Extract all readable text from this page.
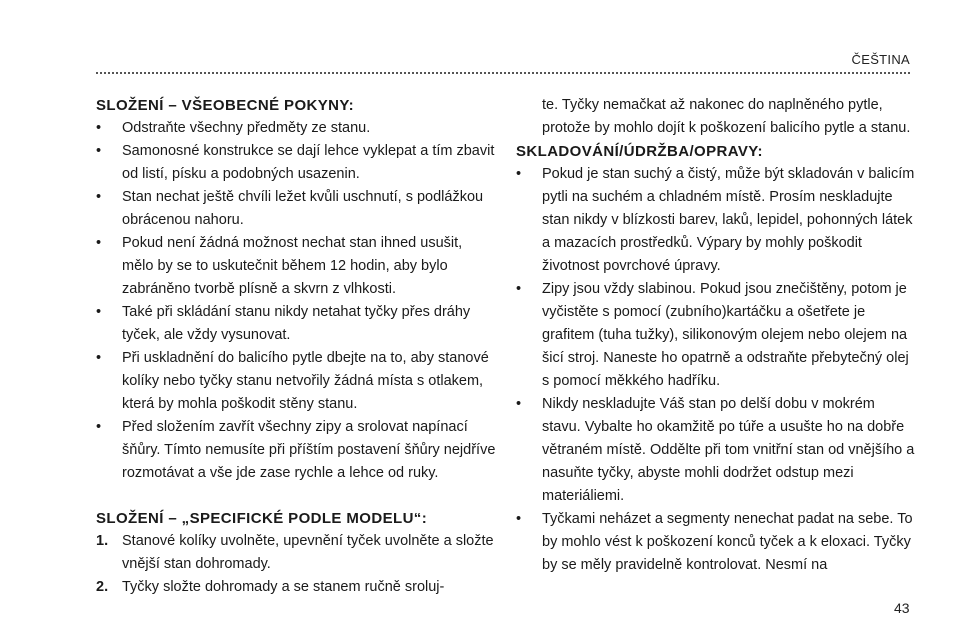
ČEŠTINA
SLOŽENÍ – VŠEOBECNÉ POKYNY:
• Odstraňte všechny předměty ze stanu.
• Samonosné konstrukce se dají lehce vyklepat a tím zbavit od listí, písku a podobných usazenin.
• Stan nechat ještě chvíli ležet kvůli uschnutí, s podlážkou obrácenou nahoru.
• Pokud není žádná možnost nechat stan ihned usušit, mělo by se to uskutečnit během 12 hodin, aby bylo zabráněno tvorbě plísně a skvrn z vlhkosti.
• Také při skládání stanu nikdy netahat tyčky přes dráhy tyček, ale vždy vysunovat.
• Při uskladnění do balicího pytle dbejte na to, aby stanové kolíky nebo tyčky stanu netvořily žádná místa s otlakem, která by mohla poškodit stěny stanu.
• Před složením zavřít všechny zipy a srolovat napínací šňůry. Tímto nemusíte při příštím postavení šňůry nejdříve rozmotávat a vše jde zase rychle a lehce od ruky.
SLOŽENÍ – „SPECIFICKÉ PODLE MODELU“:
1. Stanové kolíky uvolněte, upevnění tyček uvolněte a složte vnější stan dohromady.
2. Tyčky složte dohromady a se stanem ručně sroluj-
te. Tyčky nemačkat až nakonec do naplněného pytle, protože by mohlo dojít k poškození balicího pytle a stanu.
SKLADOVÁNÍ/ÚDRŽBA/OPRAVY:
• Pokud je stan suchý a čistý, může být skladován v balicím pytli na suchém a chladném místě. Prosím neskladujte stan nikdy v blízkosti barev, laků, lepidel, pohonných látek a mazacích prostředků. Výpary by mohly poškodit životnost povrchové úpravy.
• Zipy jsou vždy slabinou. Pokud jsou znečištěny, potom je vyčistěte s pomocí (zubního)kartáčku a ošetřete je grafitem (tuha tužky), silikonovým olejem nebo olejem na šicí stroj. Naneste ho opatrně a odstraňte přebytečný olej s pomocí měkkého hadříku.
• Nikdy neskladujte Váš stan po delší dobu v mokrém stavu. Vybalte ho okamžitě po túře a usušte ho na dobře větraném místě. Oddělte při tom vnitřní stan od vnějšího a nasuňte tyčky, abyste mohli dodržet odstup mezi materiáliemi.
• Tyčkami neházet a segmenty nenechat padat na sebe. To by mohlo vést k poškození konců tyček a k eloxaci. Tyčky by se měly pravidelně kontrolovat. Nesmí na
43
